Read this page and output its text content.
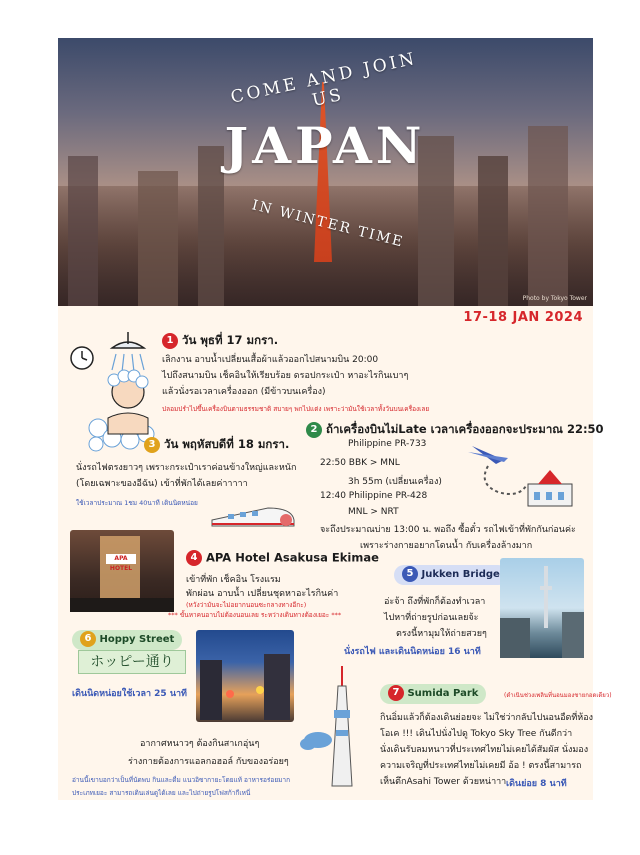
COME AND JOIN US
JAPAN
IN WINTER TIME
Photo by Tokyo Tower
17-18 JAN 2024
1 วัน พุธที่ 17 มกรา.
เลิกงาน อาบน้ำเปลี่ยนเสื้อผ้าแล้วออกไปสนามบิน 20:00
ไปถึงสนามบิน เช็คอินให้เรียบร้อย ดรอปกระเป๋า หาอะไรกินเบาๆ
แล้วนั่งรอเวลาเครื่องออก (มีข้าวบนเครื่อง)
ปลอมปรำไปขึ้นเครื่องบินตามธรรมชาติ สบายๆ พกไปแต่ง เพราะว่ามันใช้เวลาทั้งวันบนเครื่องเลย
2 ถ้าเครื่องบินไม่Late เวลาเครื่องออกจะประมาณ 22:50
Philippine PR-733
22:50 BBK > MNL
3h 55m (เปลี่ยนเครื่อง)
12:40 Philippine PR-428
MNL > NRT
จะถึงประมาณบ่าย 13:00 น. พอถึง ซื้อตั๋ว รถไฟเข้าที่พักกันก่อนค่ะ
เพราะร่างกายอยากโดนน้ำ กับเครื่องล้างมาก
3 วัน พฤหัสบดีที่ 18 มกรา.
นั่งรถไฟตรงยาวๆ เพราะกระเป๋าเราค่อนข้างใหญ่และหนัก
(โดยเฉพาะของอีฉัน) เข้าที่พักได้เลยค่าาาาา
ใช้เวลาประมาณ 1ชม 40นาที เดินนิดหน่อย
APA HOTEL
4 APA Hotel Asakusa Ekimae
เข้าที่พัก เช็คอิน โรงแรม
พักผ่อน อาบน้ำ เปลี่ยนชุดหาอะไรกินค่า
(หวังว่ามันจะไม่อยากนอนซะกลางทางอีกะ)
*** ขั้นหาคนอาบไม่ต้องนอนเลย ระหว่างเดินทางต้องเยอะ ***
5 Jukken Bridge
อ่ะจ้า ถึงที่พักก็ต้องทำเวลา
ไปหาที่ถ่ายรูปก่อนเลยจ้ะ
ตรงนี้หามุมให้ถ่ายสวยๆ
นั่งรถไฟ และเดินนิดหน่อย 16 นาที
6 Hoppy Street
ホッピー通り
เดินนิดหน่อยใช้เวลา 25 นาที
อากาศหนาวๆ ต้องกินสาเกอุ่นๆ
ร่างกายต้องการแอลกอฮอล์ กับของอร่อยๆ
อ่านนี้เขาบอกว่าเป็นที่นัดพบ กินและดื่ม แนวอิซากายะโดยแท้ อาหารอร่อยมาก ประเภทเยอะ สามารถเดินเล่นดูได้เลย และไปถ่ายรูปโฟสก้ากีเหนี่
7 Sumida Park	(ดำเนินช่วงเพลินที่นอนมองชายกอดเดียว)
กินอิ่มแล้วก็ต้องเดินย่อยจะ ไม่ใช่ว่ากลับไปนอนอืดที่ห้อง
โอเค !!! เดินไปนั่งไปดู Tokyo Sky Tree กันดีกว่า
นั่งเดินรับลมหนาวที่ประเทศไทยไม่เคยได้สัมผัส นั่งมอง
ความเจริญที่ประเทศไทยไม่เคยมี อ้อ ! ตรงนี้สามารถ
เห็นตึกAsahi Tower ด้วยหน่าาา เดินย่อย 8 นาที
